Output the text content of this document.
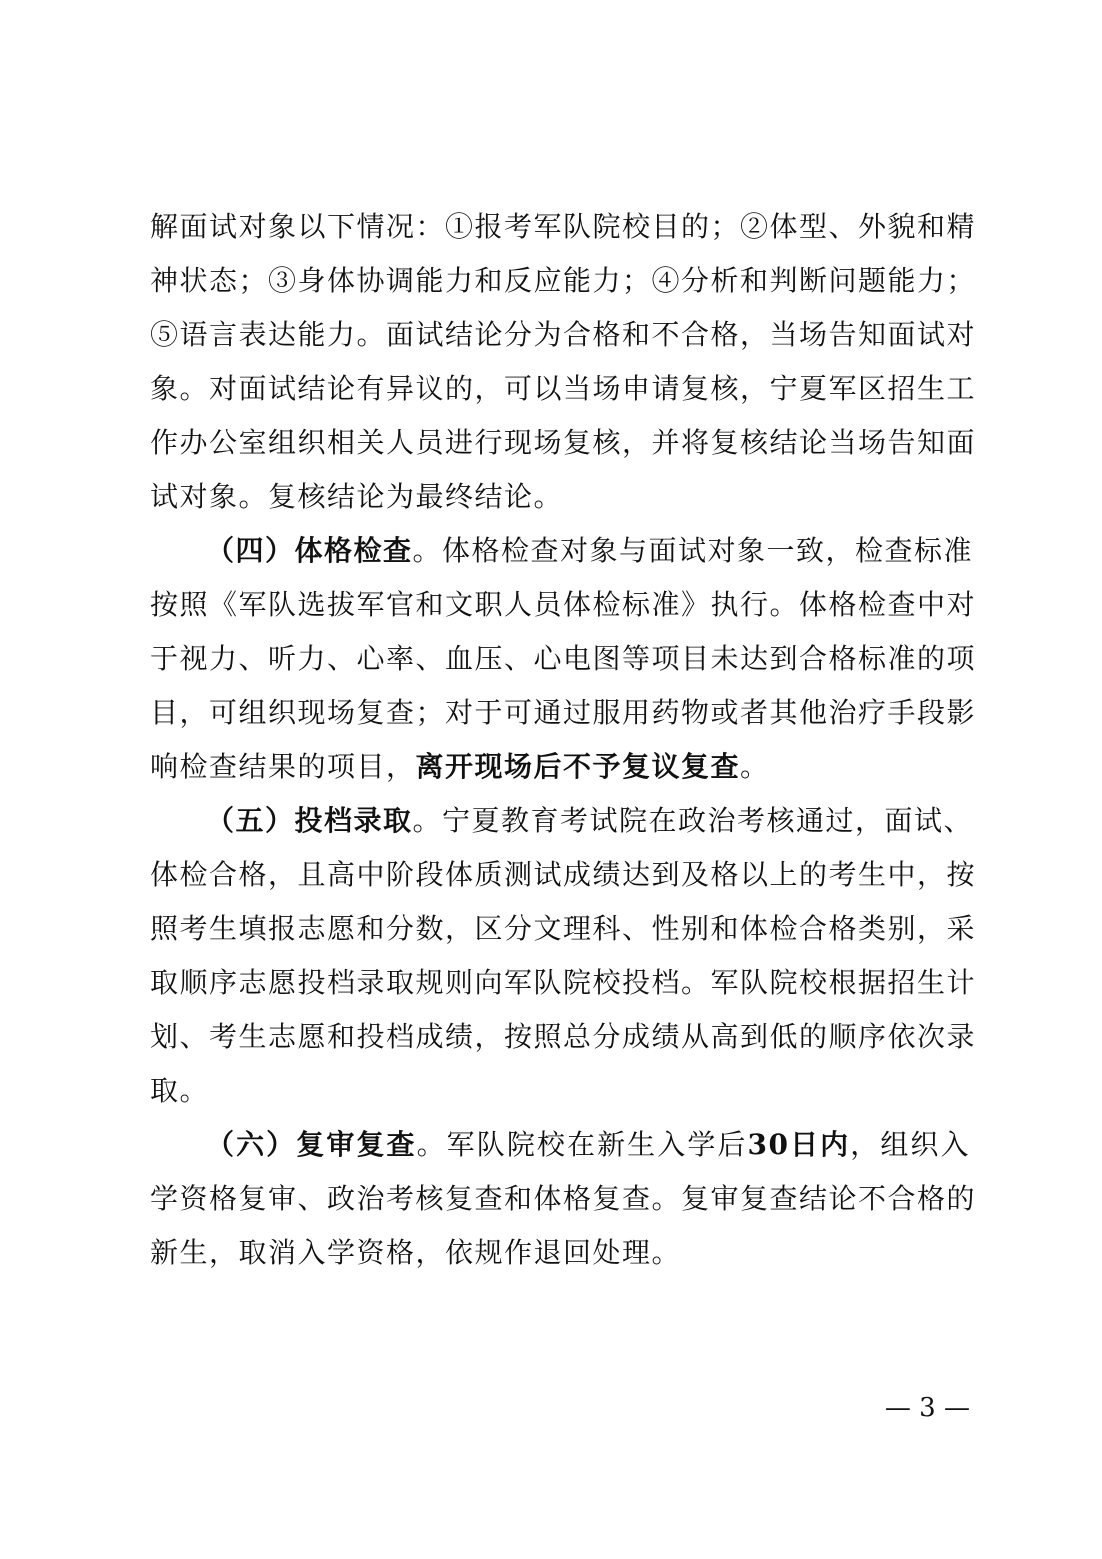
解面试对象以下情况：①报考军队院校目的；②体型、外貌和精
神状态；③身体协调能力和反应能力；④分析和判断问题能力；
⑤语言表达能力。面试结论分为合格和不合格，当场告知面试对
象。对面试结论有异议的，可以当场申请复核，宁夏军区招生工
作办公室组织相关人员进行现场复核，并将复核结论当场告知面
试对象。复核结论为最终结论。
（四）体格检查。体格检查对象与面试对象一致，检查标准
按照《军队选拔军官和文职人员体检标准》执行。体格检查中对
于视力、听力、心率、血压、心电图等项目未达到合格标准的项
目，可组织现场复查；对于可通过服用药物或者其他治疗手段影
响检查结果的项目，离开现场后不予复议复查。
（五）投档录取。宁夏教育考试院在政治考核通过，面试、
体检合格，且高中阶段体质测试成绩达到及格以上的考生中，按
照考生填报志愿和分数，区分文理科、性别和体检合格类别，采
取顺序志愿投档录取规则向军队院校投档。军队院校根据招生计
划、考生志愿和投档成绩，按照总分成绩从高到低的顺序依次录
取。
（六）复审复查。军队院校在新生入学后30日内，组织入
学资格复审、政治考核复查和体格复查。复审复查结论不合格的
新生，取消入学资格，依规作退回处理。
— 3 —
